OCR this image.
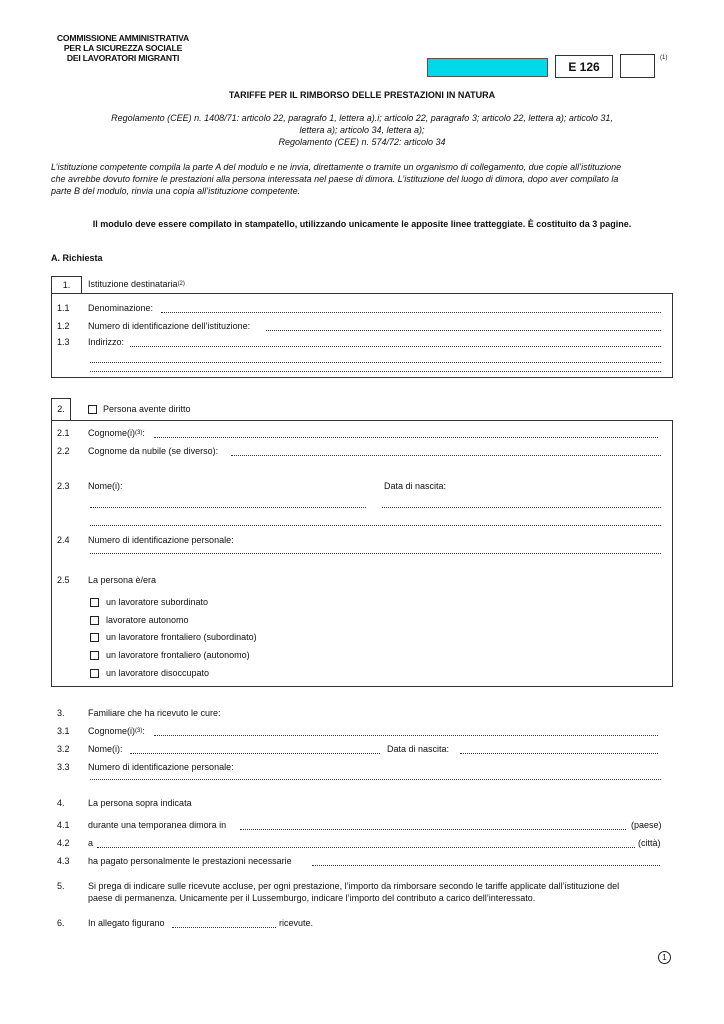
COMMISSIONE AMMINISTRATIVA
PER LA SICUREZZA SOCIALE
DEI LAVORATORI MIGRANTI
E 126
$^{(1)}$
TARIFFE PER IL RIMBORSO DELLE PRESTAZIONI IN NATURA
Regolamento (CEE) n. 1408/71: articolo 22, paragrafo 1, lettera a).i; articolo 22, paragrafo 3; articolo 22, lettera a); articolo 31,
lettera a); articolo 34, lettera a);
Regolamento (CEE) n. 574/72: articolo 34
L’istituzione competente compila la parte A del modulo e ne invia, direttamente o tramite un organismo di collegamento, due copie all’istituzione
che avrebbe dovuto fornire le prestazioni alla persona interessata nel paese di dimora. L’istituzione del luogo di dimora, dopo aver compilato la
parte B del modulo, rinvia una copia all’istituzione competente.
Il modulo deve essere compilato in stampatello, utilizzando unicamente le apposite linee tratteggiate. È costituito da 3 pagine.
A. Richiesta
1.	Istituzione destinataria$^{(2)}$
1.1 Denominazione:
1.2 Numero di identificazione dell’istituzione:
1.3 Indirizzo:
2.	Persona avente diritto
2.1 $Cognome(i)^{(3)}$:
2.2 Cognome da nubile (se diverso):
2.3 Nome(i):	Data di nascita:
2.4 Numero di identificazione personale:
2.5 La persona è/era
un lavoratore subordinato
lavoratore autonomo
un lavoratore frontaliero (subordinato)
un lavoratore frontaliero (autonomo)
un lavoratore disoccupato
3.	Familiare che ha ricevuto le cure:
3.1 $Cognome(i)^{(3)}$:
3.2 Nome(i):	Data di nascita:
3.3 Numero di identificazione personale:
4.	La persona sopra indicata
4.1 durante una temporanea dimora in	(paese)
4.2 a	(città)
4.3 ha pagato personalmente le prestazioni necessarie
5.	Si prega di indicare sulle ricevute accluse, per ogni prestazione, l’importo da rimborsare secondo le tariffe applicate dall’istituzione del
paese di permanenza. Unicamente per il Lussemburgo, indicare l’importo del contributo a carico dell’interessato.
6.	In allegato figurano	ricevute.
1
